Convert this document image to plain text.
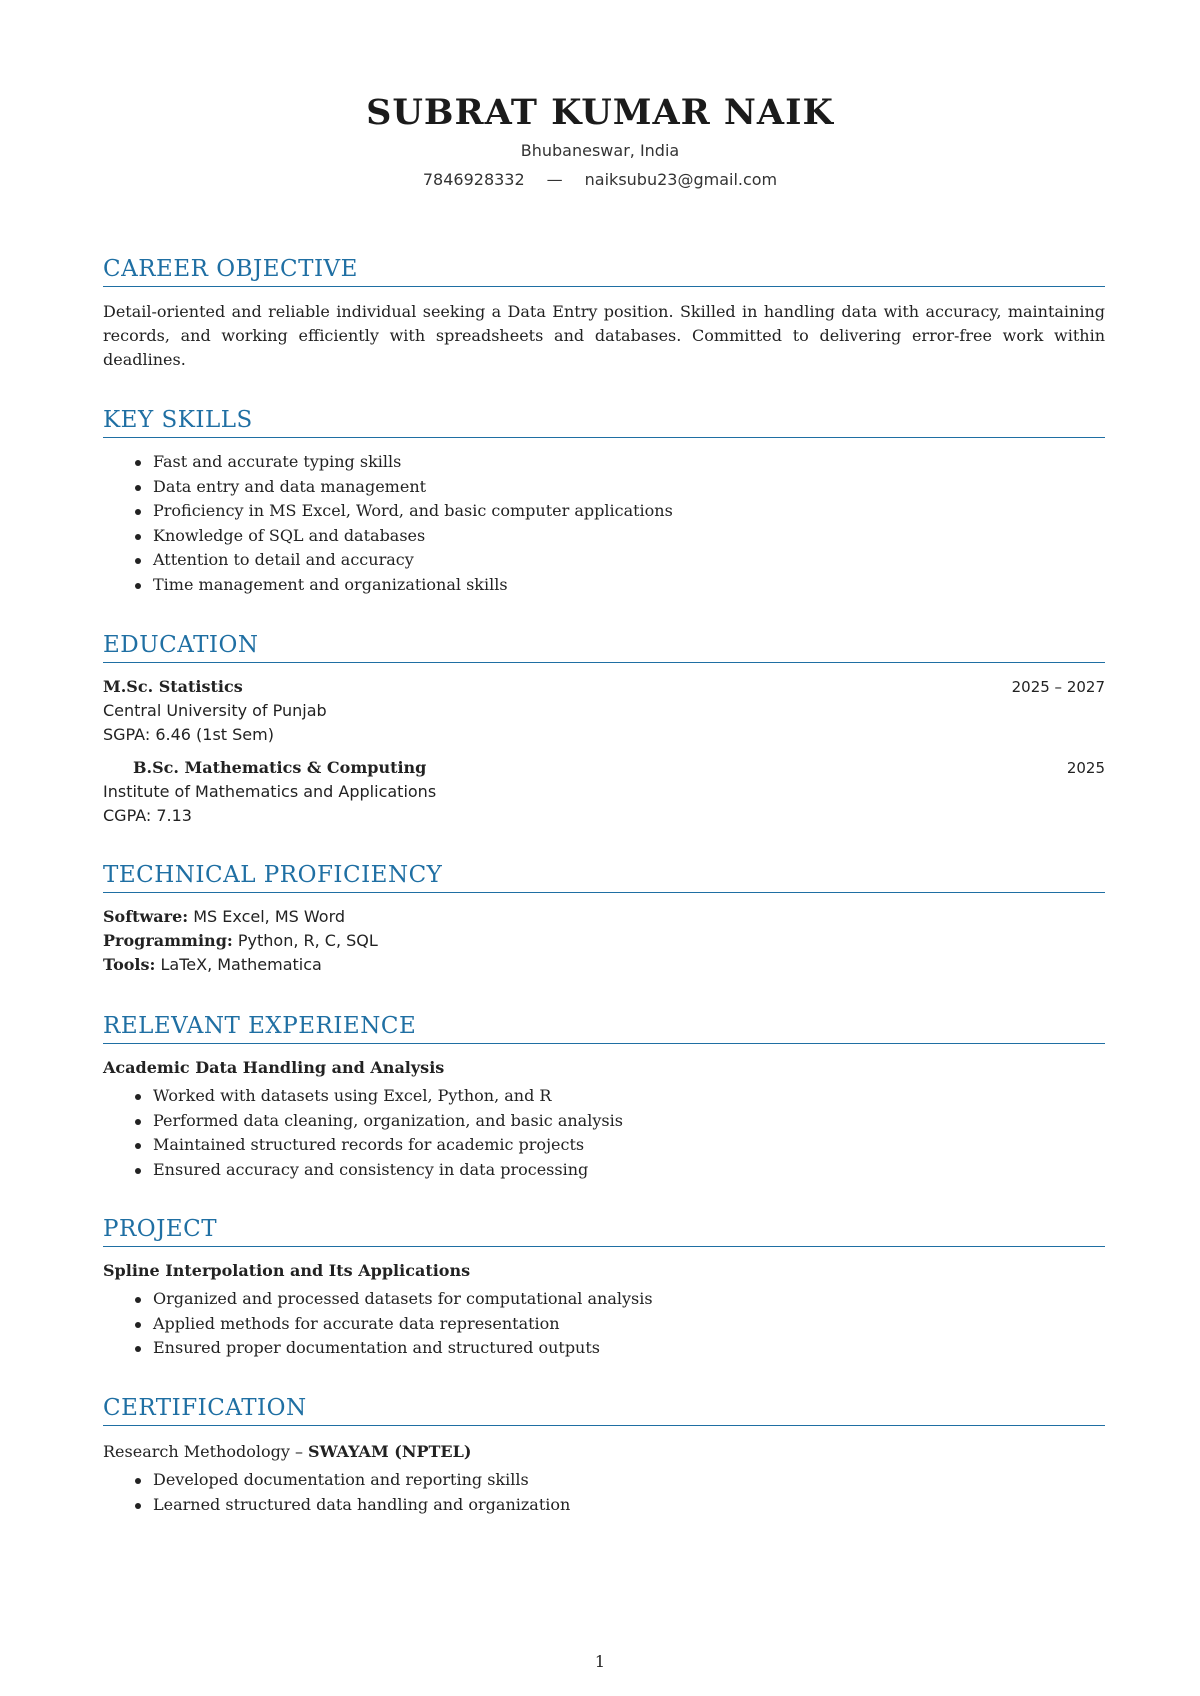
SUBRAT KUMAR NAIK
Bhubaneswar, India
7846928332 — naiksubu23@gmail.com
CAREER OBJECTIVE
Detail-oriented and reliable individual seeking a Data Entry position. Skilled in handling data with accuracy, maintaining records, and working efficiently with spreadsheets and databases. Committed to delivering error-free work within deadlines.
KEY SKILLS
Fast and accurate typing skills
Data entry and data management
Proficiency in MS Excel, Word, and basic computer applications
Knowledge of SQL and databases
Attention to detail and accuracy
Time management and organizational skills
EDUCATION
M.Sc. Statistics	2025 – 2027
Central University of Punjab
SGPA: 6.46 (1st Sem)
B.Sc. Mathematics & Computing	2025
Institute of Mathematics and Applications
CGPA: 7.13
TECHNICAL PROFICIENCY
Software: MS Excel, MS Word
Programming: Python, R, C, SQL
Tools: LaTeX, Mathematica
RELEVANT EXPERIENCE
Academic Data Handling and Analysis
Worked with datasets using Excel, Python, and R
Performed data cleaning, organization, and basic analysis
Maintained structured records for academic projects
Ensured accuracy and consistency in data processing
PROJECT
Spline Interpolation and Its Applications
Organized and processed datasets for computational analysis
Applied methods for accurate data representation
Ensured proper documentation and structured outputs
CERTIFICATION
Research Methodology – SWAYAM (NPTEL)
Developed documentation and reporting skills
Learned structured data handling and organization
1
